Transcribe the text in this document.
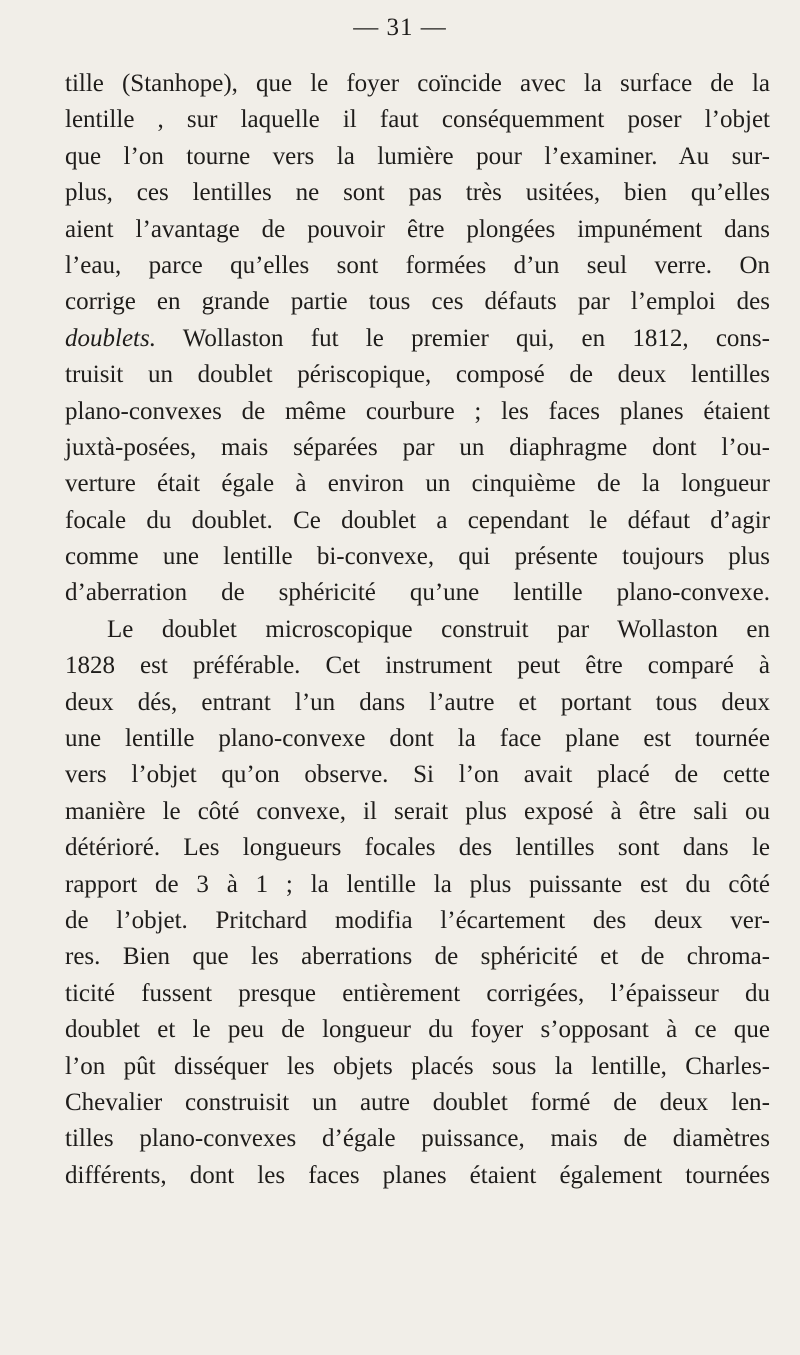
— 31 —
tille (Stanhope), que le foyer coïncide avec la surface de la
lentille , sur laquelle il faut conséquemment poser l’objet
que l’on tourne vers la lumière pour l’examiner. Au sur-
plus, ces lentilles ne sont pas très usitées, bien qu’elles
aient l’avantage de pouvoir être plongées impunément dans
l’eau, parce qu’elles sont formées d’un seul verre. On
corrige en grande partie tous ces défauts par l’emploi des
doublets. Wollaston fut le premier qui, en 1812, cons-
truisit un doublet périscopique, composé de deux lentilles
plano-convexes de même courbure ; les faces planes étaient
juxtà-posées, mais séparées par un diaphragme dont l’ou-
verture était égale à environ un cinquième de la longueur
focale du doublet. Ce doublet a cependant le défaut d’agir
comme une lentille bi-convexe, qui présente toujours plus
d’aberration de sphéricité qu’une lentille plano-convexe.
Le doublet microscopique construit par Wollaston en
1828 est préférable. Cet instrument peut être comparé à
deux dés, entrant l’un dans l’autre et portant tous deux
une lentille plano-convexe dont la face plane est tournée
vers l’objet qu’on observe. Si l’on avait placé de cette
manière le côté convexe, il serait plus exposé à être sali ou
détérioré. Les longueurs focales des lentilles sont dans le
rapport de 3 à 1 ; la lentille la plus puissante est du côté
de l’objet. Pritchard modifia l’écartement des deux ver-
res. Bien que les aberrations de sphéricité et de chroma-
ticité fussent presque entièrement corrigées, l’épaisseur du
doublet et le peu de longueur du foyer s’opposant à ce que
l’on pût disséquer les objets placés sous la lentille, Charles-
Chevalier construisit un autre doublet formé de deux len-
tilles plano-convexes d’égale puissance, mais de diamètres
différents, dont les faces planes étaient également tournées
